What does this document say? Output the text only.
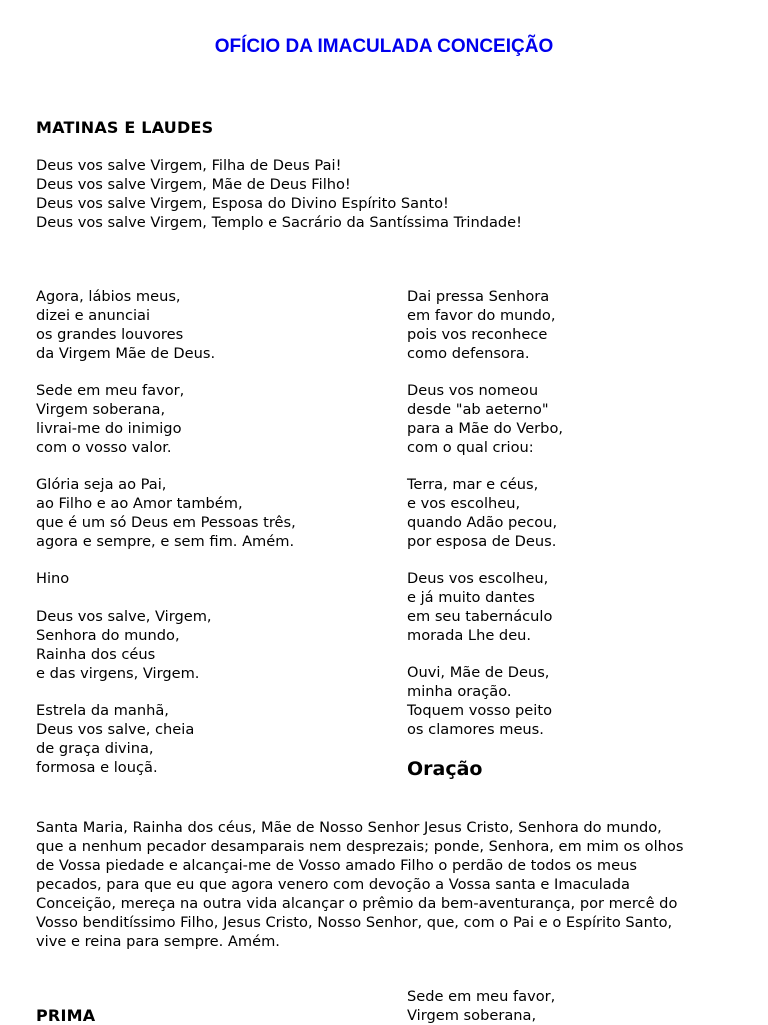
OFÍCIO DA IMACULADA CONCEIÇÃO
MATINAS E LAUDES
Deus vos salve Virgem, Filha de Deus Pai!
Deus vos salve Virgem, Mãe de Deus Filho!
Deus vos salve Virgem, Esposa do Divino Espírito Santo!
Deus vos salve Virgem, Templo e Sacrário da Santíssima Trindade!
Agora, lábios meus,
dizei e anunciai
os grandes louvores
da Virgem Mãe de Deus.
Sede em meu favor,
Virgem soberana,
livrai-me do inimigo
com o vosso valor.
Glória seja ao Pai,
ao Filho e ao Amor também,
que é um só Deus em Pessoas três,
agora e sempre, e sem fim. Amém.
Hino
Deus vos salve, Virgem,
Senhora do mundo,
Rainha dos céus
e das virgens, Virgem.
Estrela da manhã,
Deus vos salve, cheia
de graça divina,
formosa e louçã.
Dai pressa Senhora
em favor do mundo,
pois vos reconhece
como defensora.
Deus vos nomeou
desde "ab aeterno"
para a Mãe do Verbo,
com o qual criou:
Terra, mar e céus,
e vos escolheu,
quando Adão pecou,
por esposa de Deus.
Deus vos escolheu,
e já muito dantes
em seu tabernáculo
morada Lhe deu.
Ouvi, Mãe de Deus,
minha oração.
Toquem vosso peito
os clamores meus.
Oração
Santa Maria, Rainha dos céus, Mãe de Nosso Senhor Jesus Cristo, Senhora do mundo,
que a nenhum pecador desamparais nem desprezais; ponde, Senhora, em mim os olhos
de Vossa piedade e alcançai-me de Vosso amado Filho o perdão de todos os meus
pecados, para que eu que agora venero com devoção a Vossa santa e Imaculada
Conceição, mereça na outra vida alcançar o prêmio da bem-aventurança, por mercê do
Vosso benditíssimo Filho, Jesus Cristo, Nosso Senhor, que, com o Pai e o Espírito Santo,
vive e reina para sempre. Amém.
PRIMA
Sede em meu favor,
Virgem soberana,
